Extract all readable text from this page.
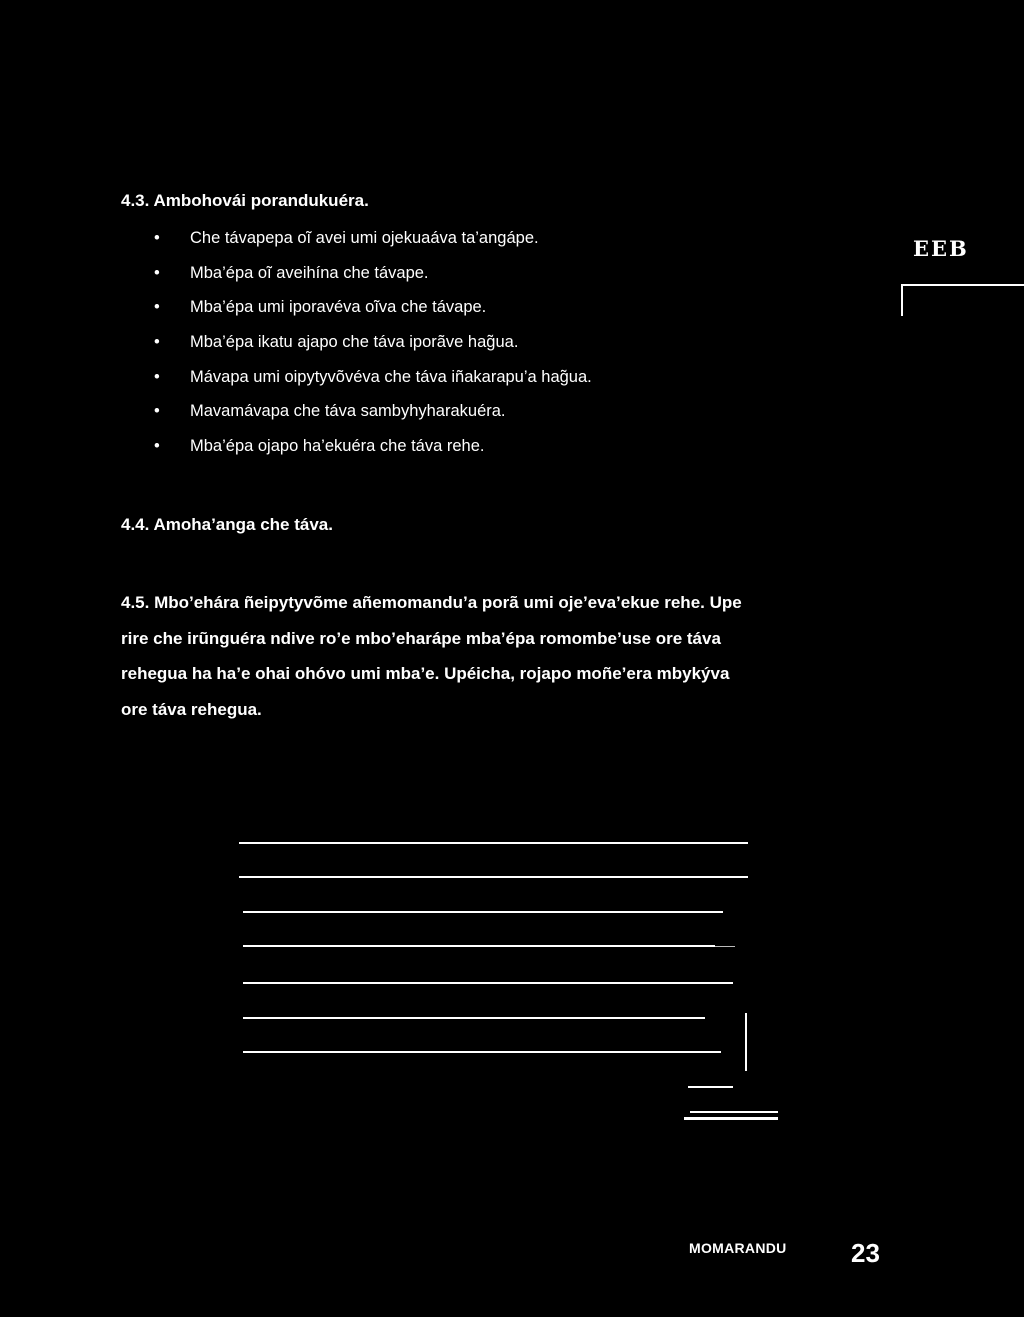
4.3. Ambohovái porandukuéra.
• Che távapepa oĩ avei umi ojekuaáva ta’angápe.
• Mba’épa oĩ aveihína che távape.
• Mba’épa umi iporavéva oĩva che távape.
• Mba’épa ikatu ajapo che táva iporãve hag̃ua.
• Mávapa umi oipytyvõvéva che táva iñakarapu’a hag̃ua.
• Mavamávapa che táva sambyhyharakuéra.
• Mba’épa ojapo ha’ekuéra che táva rehe.
EEB
4.4. Amoha’anga che táva.

4.5. Mbo’ehára ñeipytyvõme añemomandu’a porã umi oje’eva’ekue rehe. Upe
rire che irũnguéra ndive ro’e mbo’eharápe mba’épa romombe’use ore táva
rehegua ha ha’e ohai ohóvo umi mba’e. Upéicha, rojapo moñe’era mbykýva
ore táva rehegua.

MOMARANDU 23
